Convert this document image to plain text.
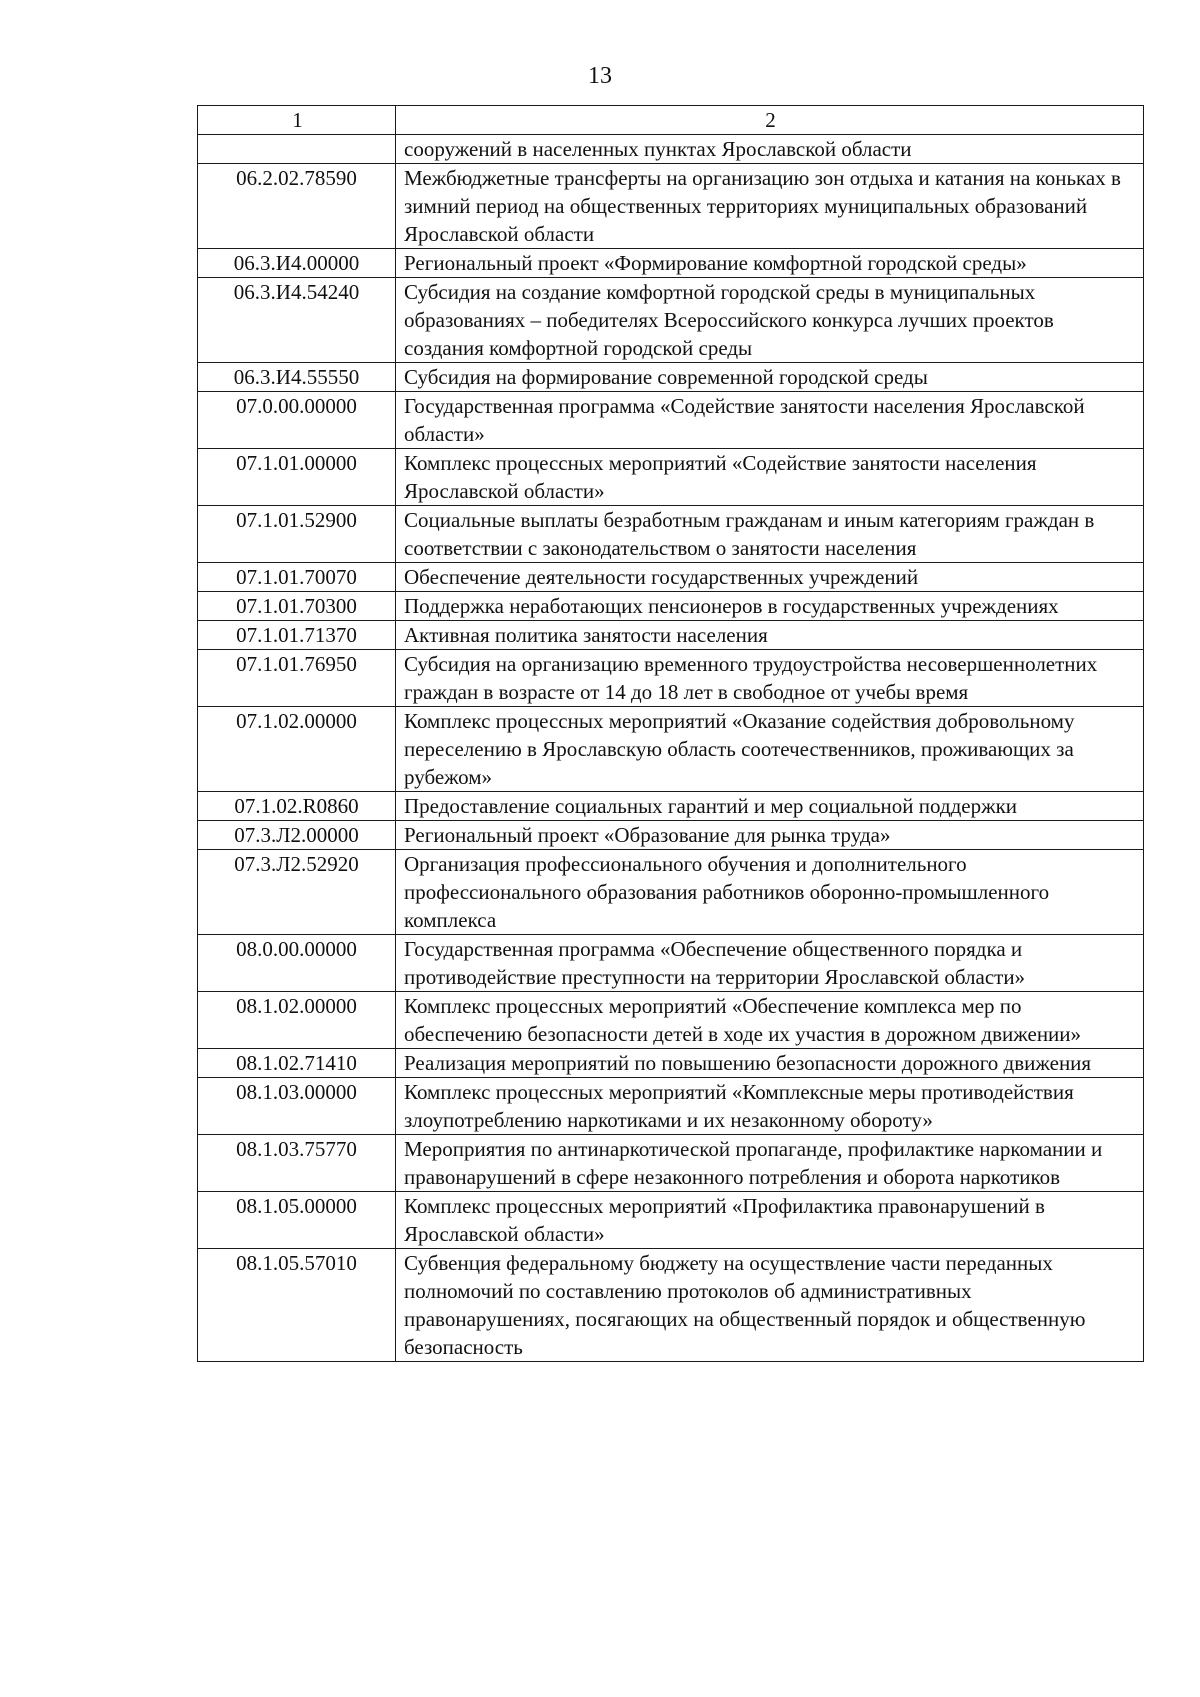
13
1	2
	сооружений в населенных пунктах Ярославской области
06.2.02.78590	Межбюджетные трансферты на организацию зон отдыха и катания на коньках в зимний период на общественных территориях муниципальных образований Ярославской области
06.3.И4.00000	Региональный проект «Формирование комфортной городской среды»
06.3.И4.54240	Субсидия на создание комфортной городской среды в муниципальных образованиях – победителях Всероссийского конкурса лучших проектов создания комфортной городской среды
06.3.И4.55550	Субсидия на формирование современной городской среды
07.0.00.00000	Государственная программа «Содействие занятости населения Ярославской области»
07.1.01.00000	Комплекс процессных мероприятий «Содействие занятости населения Ярославской области»
07.1.01.52900	Социальные выплаты безработным гражданам и иным категориям граждан в соответствии с законодательством о занятости населения
07.1.01.70070	Обеспечение деятельности государственных учреждений
07.1.01.70300	Поддержка неработающих пенсионеров в государственных учреждениях
07.1.01.71370	Активная политика занятости населения
07.1.01.76950	Субсидия на организацию временного трудоустройства несовершеннолетних граждан в возрасте от 14 до 18 лет в свободное от учебы время
07.1.02.00000	Комплекс процессных мероприятий «Оказание содействия добровольному переселению в Ярославскую область соотечественников, проживающих за рубежом»
07.1.02.R0860	Предоставление социальных гарантий и мер социальной поддержки
07.3.Л2.00000	Региональный проект «Образование для рынка труда»
07.3.Л2.52920	Организация профессионального обучения и дополнительного профессионального образования работников оборонно-промышленного комплекса
08.0.00.00000	Государственная программа «Обеспечение общественного порядка и противодействие преступности на территории Ярославской области»
08.1.02.00000	Комплекс процессных мероприятий «Обеспечение комплекса мер по обеспечению безопасности детей в ходе их участия в дорожном движении»
08.1.02.71410	Реализация мероприятий по повышению безопасности дорожного движения
08.1.03.00000	Комплекс процессных мероприятий «Комплексные меры противодействия злоупотреблению наркотиками и их незаконному обороту»
08.1.03.75770	Мероприятия по антинаркотической пропаганде, профилактике наркомании и правонарушений в сфере незаконного потребления и оборота наркотиков
08.1.05.00000	Комплекс процессных мероприятий «Профилактика правонарушений в Ярославской области»
08.1.05.57010	Субвенция федеральному бюджету на осуществление части переданных полномочий по составлению протоколов об административных правонарушениях, посягающих на общественный порядок и общественную безопасность
